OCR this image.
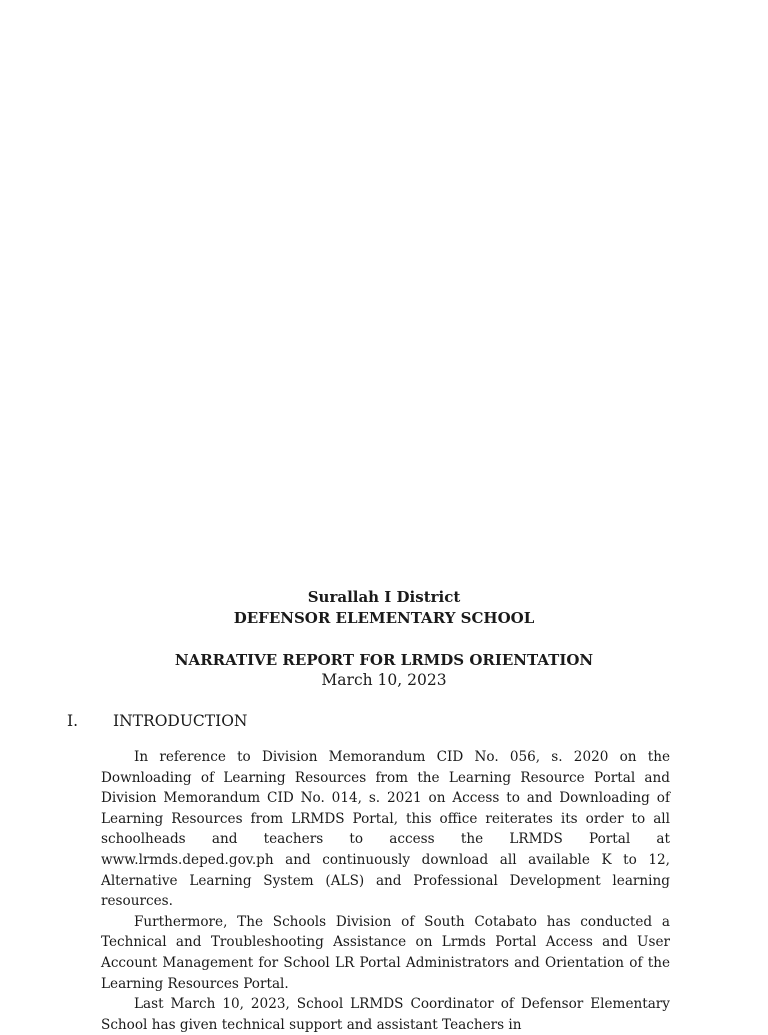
Surallah I District
DEFENSOR ELEMENTARY SCHOOL
NARRATIVE REPORT FOR LRMDS ORIENTATION
March 10, 2023
I.	INTRODUCTION

In reference to Division Memorandum CID No. 056, s. 2020 on the Downloading of Learning Resources from the Learning Resource Portal and Division Memorandum CID No. 014, s. 2021 on Access to and Downloading of Learning Resources from LRMDS Portal, this office reiterates its order to all schoolheads and teachers to access the LRMDS Portal at www.lrmds.deped.gov.ph and continuously download all available K to 12, Alternative Learning System (ALS) and Professional Development learning resources.

Furthermore, The Schools Division of South Cotabato has conducted a Technical and Troubleshooting Assistance on Lrmds Portal Access and User Account Management for School LR Portal Administrators and Orientation of the Learning Resources Portal.

Last March 10, 2023, School LRMDS Coordinator of Defensor Elementary School has given technical support and assistant Teachers in
